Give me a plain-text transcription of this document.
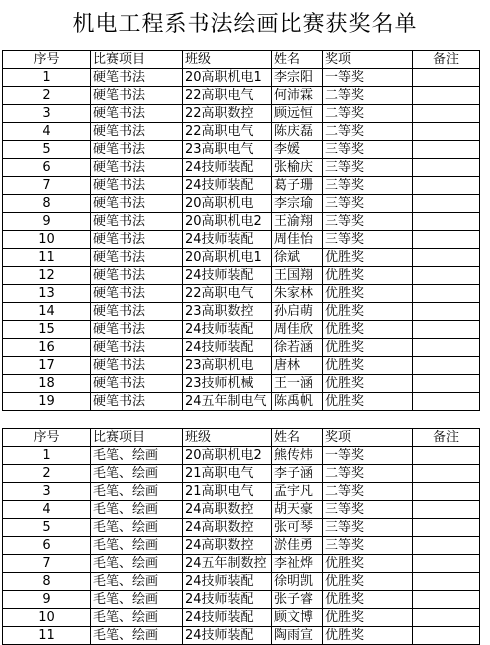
机电工程系书法绘画比赛获奖名单
序号	比赛项目	班级	姓名	奖项	备注
1	硬笔书法	20高职机电1	李宗阳	一等奖	
2	硬笔书法	22高职电气	何沛霖	二等奖	
3	硬笔书法	22高职数控	顾远恒	二等奖	
4	硬笔书法	22高职电气	陈庆磊	二等奖	
5	硬笔书法	23高职电气	李媛	三等奖	
6	硬笔书法	24技师装配	张榆庆	三等奖	
7	硬笔书法	24技师装配	葛子珊	三等奖	
8	硬笔书法	20高职机电	李宗瑜	三等奖	
9	硬笔书法	20高职机电2	王渝翔	三等奖	
10	硬笔书法	24技师装配	周佳怡	三等奖	
11	硬笔书法	20高职机电1	徐斌	优胜奖	
12	硬笔书法	24技师装配	王国翔	优胜奖	
13	硬笔书法	22高职电气	朱家林	优胜奖	
14	硬笔书法	23高职数控	孙启萌	优胜奖	
15	硬笔书法	24技师装配	周佳欣	优胜奖	
16	硬笔书法	24技师装配	徐若涵	优胜奖	
17	硬笔书法	23高职机电	唐林	优胜奖	
18	硬笔书法	23技师机械	王一涵	优胜奖	
19	硬笔书法	24五年制电气	陈禹帆	优胜奖	
序号	比赛项目	班级	姓名	奖项	备注
1	毛笔、绘画	20高职机电2	熊传炜	一等奖	
2	毛笔、绘画	21高职电气	李子涵	二等奖	
3	毛笔、绘画	21高职电气	孟宇凡	二等奖	
4	毛笔、绘画	24高职数控	胡天豪	三等奖	
5	毛笔、绘画	24高职数控	张可琴	三等奖	
6	毛笔、绘画	24高职数控	淤佳勇	三等奖	
7	毛笔、绘画	24五年制数控	李祉烨	优胜奖	
8	毛笔、绘画	24技师装配	徐明凯	优胜奖	
9	毛笔、绘画	24技师装配	张子睿	优胜奖	
10	毛笔、绘画	24技师装配	顾文博	优胜奖	
11	毛笔、绘画	24技师装配	陶雨宣	优胜奖	
